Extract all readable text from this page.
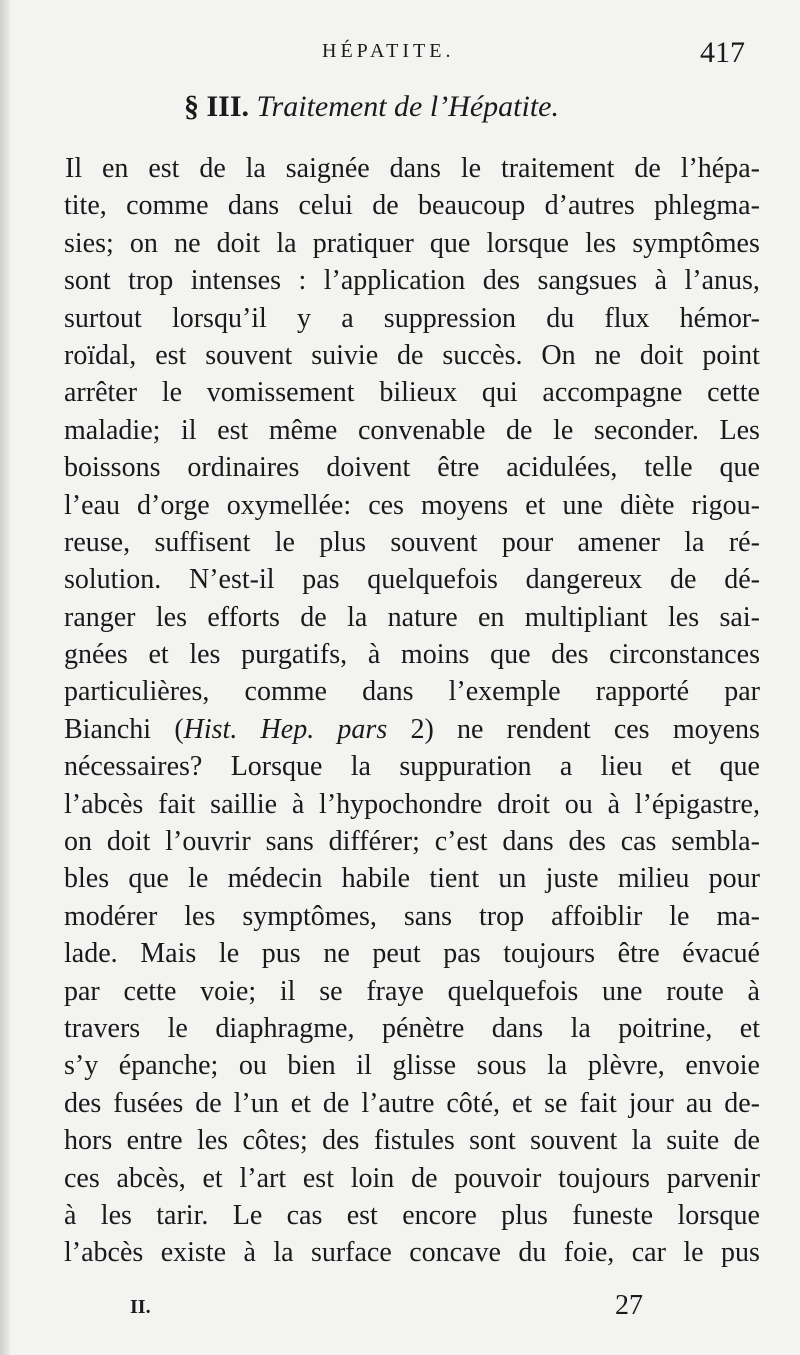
HÉPATITE.	417
§ III. Traitement de l’Hépatite.
Il en est de la saignée dans le traitement de l’hépa-
tite, comme dans celui de beaucoup d’autres phlegma-
sies; on ne doit la pratiquer que lorsque les symptômes
sont trop intenses : l’application des sangsues à l’anus,
surtout lorsqu’il y a suppression du flux hémor-
roïdal, est souvent suivie de succès. On ne doit point
arrêter le vomissement bilieux qui accompagne cette
maladie; il est même convenable de le seconder. Les
boissons ordinaires doivent être acidulées, telle que
l’eau d’orge oxymellée: ces moyens et une diète rigou-
reuse, suffisent le plus souvent pour amener la ré-
solution. N’est-il pas quelquefois dangereux de dé-
ranger les efforts de la nature en multipliant les sai-
gnées et les purgatifs, à moins que des circonstances
particulières, comme dans l’exemple rapporté par
Bianchi (Hist. Hep. pars 2) ne rendent ces moyens
nécessaires? Lorsque la suppuration a lieu et que
l’abcès fait saillie à l’hypochondre droit ou à l’épigastre,
on doit l’ouvrir sans différer; c’est dans des cas sembla-
bles que le médecin habile tient un juste milieu pour
modérer les symptômes, sans trop affoiblir le ma-
lade. Mais le pus ne peut pas toujours être évacué
par cette voie; il se fraye quelquefois une route à
travers le diaphragme, pénètre dans la poitrine, et
s’y épanche; ou bien il glisse sous la plèvre, envoie
des fusées de l’un et de l’autre côté, et se fait jour au de-
hors entre les côtes; des fistules sont souvent la suite de
ces abcès, et l’art est loin de pouvoir toujours parvenir
à les tarir. Le cas est encore plus funeste lorsque
l’abcès existe à la surface concave du foie, car le pus
II.	27
